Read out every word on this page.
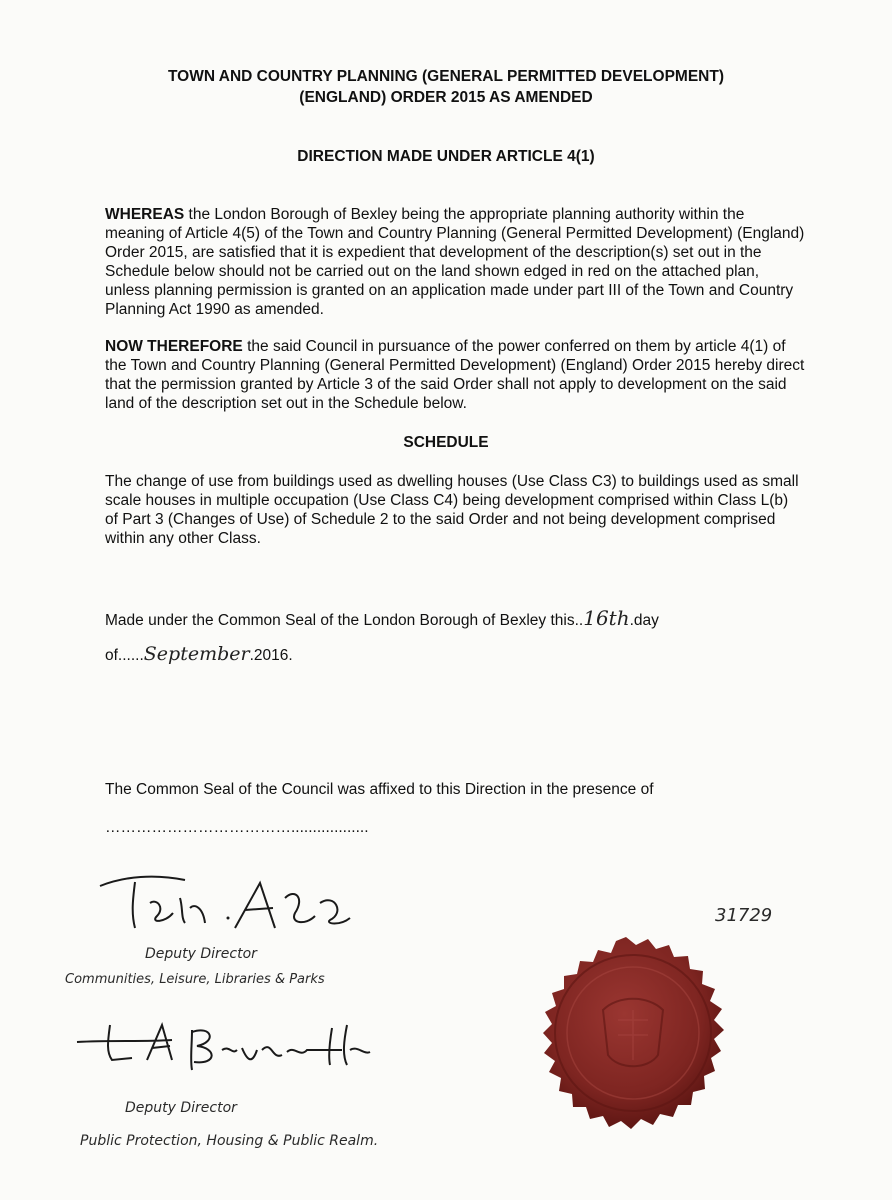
TOWN AND COUNTRY PLANNING (GENERAL PERMITTED DEVELOPMENT)
(ENGLAND) ORDER 2015 AS AMENDED
DIRECTION MADE UNDER ARTICLE 4(1)
WHEREAS the London Borough of Bexley being the appropriate planning authority within the meaning of Article 4(5) of the Town and Country Planning (General Permitted Development) (England) Order 2015, are satisfied that it is expedient that development of the description(s) set out in the Schedule below should not be carried out on the land shown edged in red on the attached plan, unless planning permission is granted on an application made under part III of the Town and Country Planning Act 1990 as amended.
NOW THEREFORE the said Council in pursuance of the power conferred on them by article 4(1) of the Town and Country Planning (General Permitted Development) (England) Order 2015 hereby direct that the permission granted by Article 3 of the said Order shall not apply to development on the said land of the description set out in the Schedule below.
SCHEDULE
The change of use from buildings used as dwelling houses (Use Class C3) to buildings used as small scale houses in multiple occupation (Use Class C4) being development comprised within Class L(b) of Part 3 (Changes of Use) of Schedule 2 to the said Order and not being development comprised within any other Class.
Made under the Common Seal of the London Borough of Bexley this..16th.day
of......September.2016.
The Common Seal of the Council was affixed to this Direction in the presence of
………………………………..................
Deputy Director
Communities, Leisure, Libraries & Parks
Deputy Director
Public Protection, Housing & Public Realm.
31729
